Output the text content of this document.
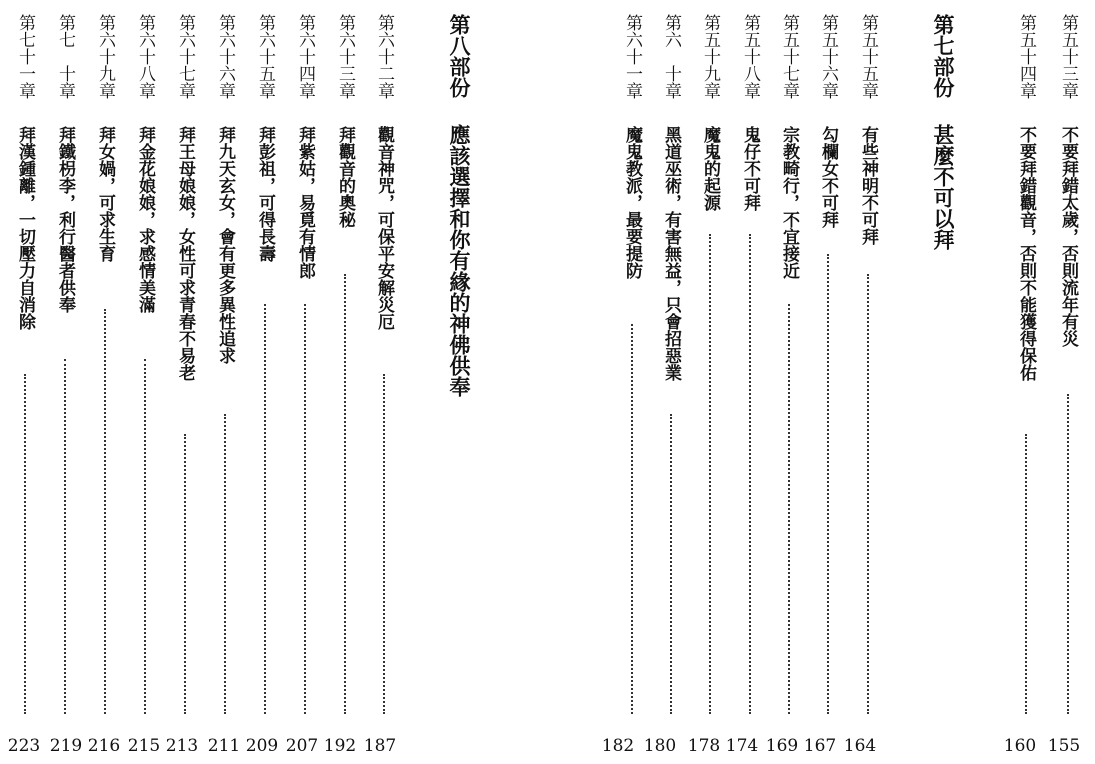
第五十三章
不要拜錯太歲，否則流年有災
155
第五十四章
不要拜錯觀音，否則不能獲得保佑
160
第七部份甚麼不可以拜
第五十五章
有些神明不可拜
164
第五十六章
勾欄女不可拜
167
第五十七章
宗教畸行，不宜接近
169
第五十八章
鬼仔不可拜
174
第五十九章
魔鬼的起源
178
第六　十章
黑道巫術，有害無益，只會招惡業
180
第六十一章
魔鬼教派，最要提防
182
第八部份應該選擇和你有緣的神佛供奉
第六十二章
觀音神咒，可保平安解災厄
187
第六十三章
拜觀音的奧秘
192
第六十四章
拜紫姑，易覓有情郎
207
第六十五章
拜彭祖，可得長壽
209
第六十六章
拜九天玄女，會有更多異性追求
211
第六十七章
拜王母娘娘，女性可求青春不易老
213
第六十八章
拜金花娘娘，求感情美滿
215
第六十九章
拜女媧，可求生育
216
第七　十章
拜鐵枴李，利行醫者供奉
219
第七十一章
拜漢鍾離，一切壓力自消除
223
